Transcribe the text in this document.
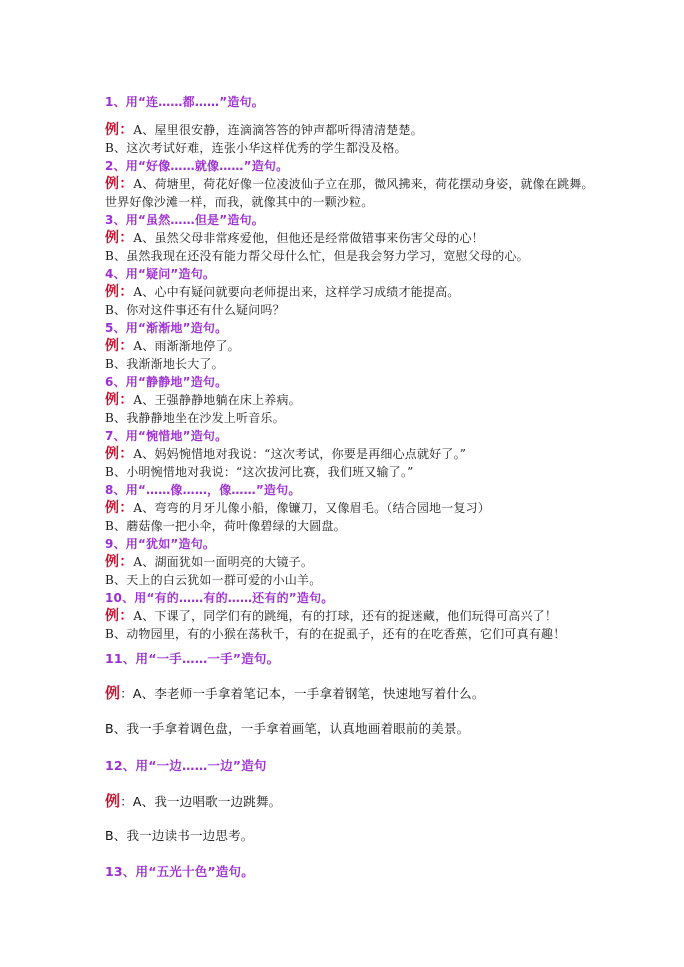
1、用“连……都……”造句。
例：A、屋里很安静，连滴滴答答的钟声都听得清清楚楚。
B、这次考试好难，连张小华这样优秀的学生都没及格。
2、用“好像……就像……”造句。
例：A、荷塘里，荷花好像一位凌波仙子立在那，微风拂来，荷花摆动身姿，就像在跳舞。
世界好像沙滩一样，而我，就像其中的一颗沙粒。
3、用“虽然……但是”造句。
例：A、虽然父母非常疼爱他，但他还是经常做错事来伤害父母的心！
B、虽然我现在还没有能力帮父母什么忙，但是我会努力学习，宽慰父母的心。
4、用“疑问”造句。
例：A、心中有疑问就要向老师提出来，这样学习成绩才能提高。
B、你对这件事还有什么疑问吗？
5、用“渐渐地”造句。
例：A、雨渐渐地停了。
B、我渐渐地长大了。
6、用“静静地”造句。
例：A、王强静静地躺在床上养病。
B、我静静地坐在沙发上听音乐。
7、用“惋惜地”造句。
例：A、妈妈惋惜地对我说：“这次考试，你要是再细心点就好了。”
B、小明惋惜地对我说：“这次拔河比赛，我们班又输了。”
8、用“……像……，像……”造句。
例：A、弯弯的月牙儿像小船，像镰刀，又像眉毛。（结合园地一复习）
B、蘑菇像一把小伞，荷叶像碧绿的大圆盘。
9、用“犹如”造句。
例：A、湖面犹如一面明亮的大镜子。
B、天上的白云犹如一群可爱的小山羊。
10、用“有的……有的……还有的”造句。
例：A、下课了，同学们有的跳绳，有的打球，还有的捉迷藏，他们玩得可高兴了！
B、动物园里，有的小猴在荡秋千，有的在捉虱子，还有的在吃香蕉，它们可真有趣！
11、用“一手……一手”造句。
例：A、李老师一手拿着笔记本，一手拿着钢笔，快速地写着什么。
B、我一手拿着调色盘，一手拿着画笔，认真地画着眼前的美景。
12、用“一边……一边”造句
例：A、我一边唱歌一边跳舞。
B、我一边读书一边思考。
13、用“五光十色”造句。
